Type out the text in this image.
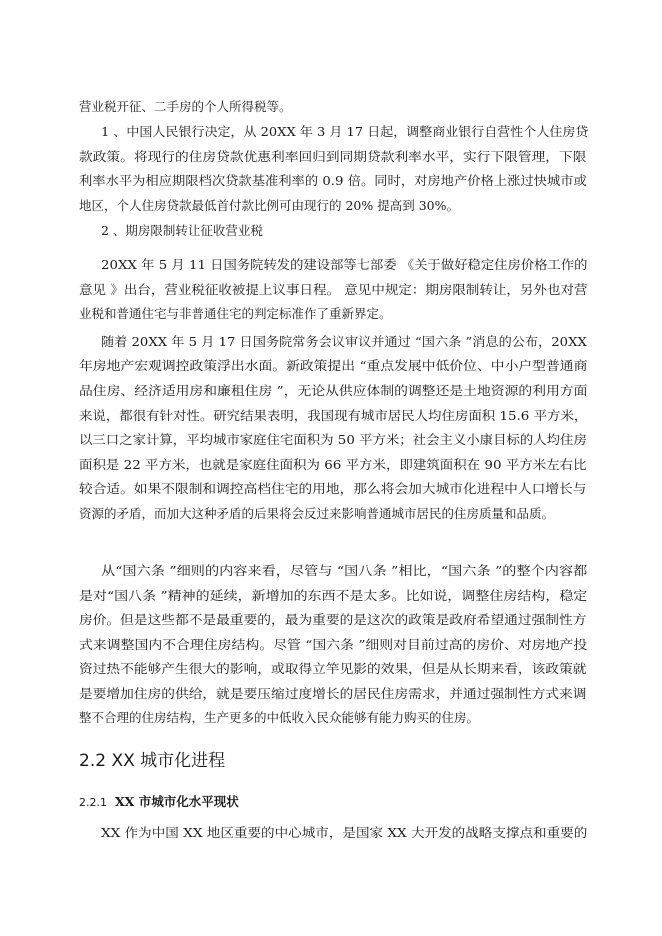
营业税开征、二手房的个人所得税等。
1 、中国人民银行决定，从 20XX 年 3 月 17 日起，调整商业银行自营性个人住房贷
款政策。将现行的住房贷款优惠利率回归到同期贷款利率水平，实行下限管理，下限
利率水平为相应期限档次贷款基准利率的 0.9 倍。同时，对房地产价格上涨过快城市或
地区，个人住房贷款最低首付款比例可由现行的 20% 提高到 30%。
2 、期房限制转让征收营业税
20XX 年 5 月 11 日国务院转发的建设部等七部委 《关于做好稳定住房价格工作的
意见 》出台，营业税征收被提上议事日程。 意见中规定：期房限制转让，另外也对营
业税和普通住宅与非普通住宅的判定标准作了重新界定。
随着 20XX 年 5 月 17 日国务院常务会议审议并通过 “国六条 ”消息的公布，20XX
年房地产宏观调控政策浮出水面。新政策提出 “重点发展中低价位、中小户型普通商
品住房、经济适用房和廉租住房 ”，无论从供应体制的调整还是土地资源的利用方面
来说，都很有针对性。研究结果表明，我国现有城市居民人均住房面积 15.6 平方米，
以三口之家计算，平均城市家庭住宅面积为 50 平方米；社会主义小康目标的人均住房
面积是 22 平方米，也就是家庭住面积为 66 平方米，即建筑面积在 90 平方米左右比
较合适。如果不限制和调控高档住宅的用地，那么将会加大城市化进程中人口增长与
资源的矛盾，而加大这种矛盾的后果将会反过来影响普通城市居民的住房质量和品质。
从“国六条 ”细则的内容来看，尽管与 “国八条 ”相比，“国六条 ”的整个内容都
是对“国八条 ”精神的延续，新增加的东西不是太多。比如说，调整住房结构，稳定
房价。但是这些都不是最重要的，最为重要的是这次的政策是政府希望通过强制性方
式来调整国内不合理住房结构。尽管 “国六条 ”细则对目前过高的房价、对房地产投
资过热不能够产生很大的影响，或取得立竿见影的效果，但是从长期来看，该政策就
是要增加住房的供给，就是要压缩过度增长的居民住房需求，并通过强制性方式来调
整不合理的住房结构，生产更多的中低收入民众能够有能力购买的住房。
XX 作为中国 XX 地区重要的中心城市，是国家 XX 大开发的战略支撑点和重要的
2.2 XX 城市化进程
2.2.1 XX 市城市化水平现状
